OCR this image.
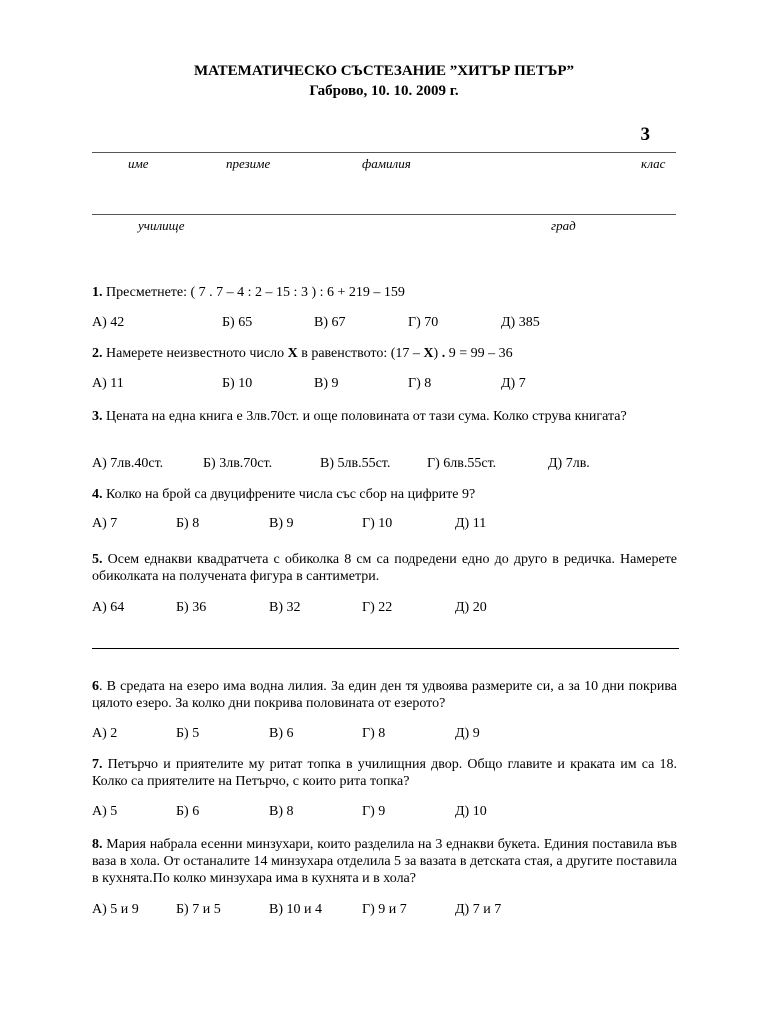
МАТЕМАТИЧЕСКО СЪСТЕЗАНИЕ ”ХИТЪР ПЕТЪР”
Габрово, 10. 10. 2009 г.
3
име	презиме	фамилия	клас
училище	град
1. Пресметнете: ( 7 . 7 – 4 : 2 – 15 : 3 ) : 6 + 219 – 159
А) 42	Б) 65	В) 67	Г) 70	Д) 385
2. Намерете неизвестното число X в равенството: (17 – X) . 9 = 99 – 36
А) 11	Б) 10	В) 9	Г) 8	Д) 7
3. Цената на една книга е 3лв.70ст. и още половината от тази сума. Колко струва книгата?
А) 7лв.40ст.	Б) 3лв.70ст.	В) 5лв.55ст.	Г) 6лв.55ст.	Д) 7лв.
4. Колко на брой са двуцифрените числа със сбор на цифрите 9?
А) 7	Б) 8	В) 9	Г) 10	Д) 11
5. Осем еднакви квадратчета с обиколка 8 см са подредени едно до друго в редичка. Намерете обиколката на получената фигура в сантиметри.
А) 64	Б) 36	В) 32	Г) 22	Д) 20
6. В средата на езеро има водна лилия. За един ден тя удвоява размерите си, а за 10 дни покрива цялото езеро. За колко дни покрива половината от езерото?
А) 2	Б) 5	В) 6	Г) 8	Д) 9
7. Петърчо и приятелите му ритат топка в училищния двор. Общо главите и краката им са 18. Колко са приятелите на Петърчо, с които рита топка?
А) 5	Б) 6	В) 8	Г) 9	Д) 10
8. Мария набрала есенни минзухари, които разделила на 3 еднакви букета. Единия поставила във ваза в хола. От останалите 14 минзухара отделила 5 за вазата в детската стая, а другите поставила в кухнята.По колко минзухара има в кухнята и в хола?
А) 5 и 9	Б) 7 и 5	В) 10 и 4	Г) 9 и 7	Д) 7 и 7
